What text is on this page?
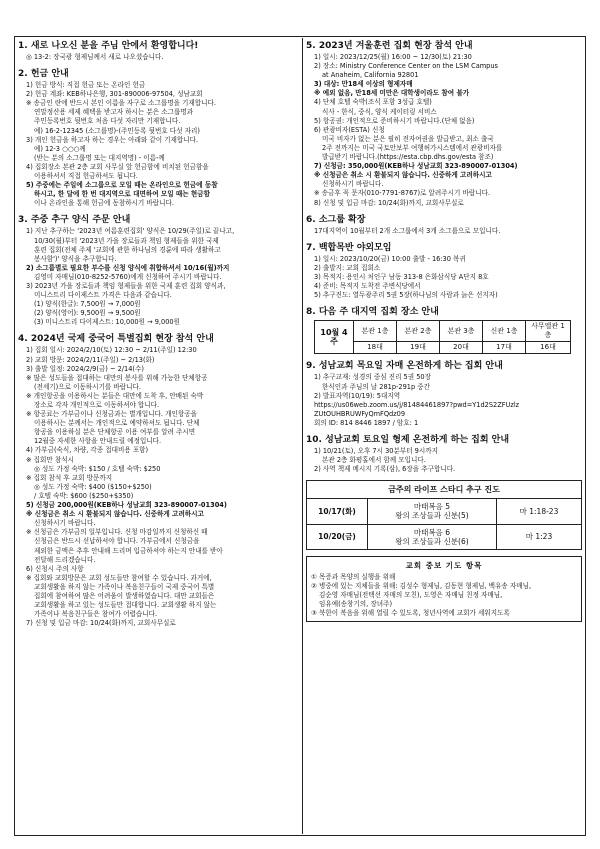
1. 새로 나오신 분을 주님 안에서 환영합니다!
◎ 13-2: 장국광 형제님께서 새로 나오셨습니다.
2. 헌금 안내
1) 헌금 방식: 직접 헌금 또는 온라인 헌금
2) 헌금 계좌: KEB하나은행, 301-890006-97504, 성남교회
※ 송금인 란에 반드시 본인 이름을 자구로 소그룹명을 기재합니다.
연말정산용 세제 혜택을 받고자 하시는 분은 소그룹명과
주민등록번호 뒷번호 처음 다섯 자리만 기재합니다.
예) 16-2-12345 (소그룹명)-(주민등록 뒷번호 다섯 자리)
3) 개인 헌금을 하고자 하는 경우는 아래와 같이 기재합니다.
예) 12-3 ○○○께
(받는 분의 소그룹명 또는 대지역명) - 이름-께
4) 집회장소 본관 2층 교회 사무실 앞 헌금함에 비치된 헌금함을
이용하셔서 직접 헌금하셔도 됩니다.
5) 주중에는 주일에 소그룹으로 모일 때는 온라인으로 헌금에 동참
하시고, 한 달에 한 번 대지역으로 대면하여 모일 때는 현금함
이나 온라인을 통해 헌금에 동참하시기 바랍니다.
3. 주중 추구 양식 주문 안내
1) 지난 추구하는 '2023년 여름훈련집회' 양식은 10/29(주일)로 끝나고,
10/30(월)부터 '2023년 가을 장로들과 책임 형제들을 위한 국제
훈련 집회(전체 주제 '교회에 관한 하나님의 경륜에 따라 생활하고
봉사함')' 양식을 추구합니다.
2) 소그룹별로 필요한 부수를 신청 양식에 취합하셔서 10/16(월)까지
김영미 자매님(010-8252-5760)에게 신청하여 주시기 바랍니다.
3) 2023년 가을 장로들과 책임 형제들을 위한 국제 훈련 집회 양식과,
미니스트리 다이제스트 가격은 다음과 같습니다.
(1) 양식(한글): 7,500원 → 7,000원
(2) 양식(영어): 9,500원 → 9,500원
(3) 미니스트리 다이제스트: 10,000원 → 9,000원
4. 2024년 국제 중국어 특별집회 현장 참석 안내
1) 집회 일시: 2024/2/10(토) 12:30 ~ 2/11(주일) 12:30
2) 교회 방문: 2024/2/11(주일) ~ 2/13(화)
3) 출발 일정: 2024/2/9(금) ~ 2/14(수)
※ 많은 성도들을 접대하는 대만의 봉사를 위해 가능한 단체항공
(전세기)으로 이동하시기를 바랍니다.
※ 개인항공을 이용하시는 분들은 대만에 도착 후, 안배된 숙박
장소로 각자 개인적으로 이동하셔야 합니다.
※ 항공료는 가부금이나 신청금과는 별개입니다. 개인항공을
이용하시는 분께서는 개인적으로 예약하셔도 됩니다. 단체
항공을 이용하실 분은 단체항공 이용 여부를 알려 주시면
12월중 자세한 사항을 안내드릴 예정입니다.
4) 가부금(숙식, 차량, 각종 접대비용 포함)
※ 집회만 참석시
◎ 성도 가정 숙박: $150 / 호텔 숙박: $250
※ 집회 참석 후 교회 방문까지
◎ 성도 가정 숙박: $400 ($150+$250)
/ 호텔 숙박: $600 ($250+$350)
5) 신청금 200,000원(KEB하나 성남교회 323-890007-01304)
※ 신청금은 취소 시 환불되지 않습니다. 신중하게 고려하시고
신청하시기 바랍니다.
※ 신청금은 가부금의 일부입니다. 신청 마감일까지 신청하신 때
신청금은 반드시 선납하셔야 합니다. 가부금에서 신청금을
제외한 금액은 추후 안내해 드리며 입금하셔야 하는지 안내를 받아
전달해 드리겠습니다.
6) 신청시 주의 사항
※ 집회와 교회방문은 교회 성도들만 참여할 수 있습니다. 과거에,
교회생활을 하지 않는 가족이나 복음친구들이 국제 중국어 특별
집회에 참여하여 많은 어려움이 발생하였습니다. 대만 교회들은
교회생활을 하고 있는 성도들만 접대합니다. 교회생활 하지 않는
가족이나 복음친구들은 참여가 어렵습니다.
7) 신청 및 입금 마감: 10/24(화)까지, 교회사무실로
5. 2023년 겨울훈련 집회 현장 참석 안내
1) 일시: 2023/12/25(월) 16:00 ~ 12/30(토) 21:30
2) 장소: Ministry Conference Center on the LSM Campus
at Anaheim, California 92801
3) 대상: 만18세 이상의 형제자매
※ 예외 없음, 만18세 미만은 대학생이라도 참여 불가
4) 단체 호텔 숙박(조식 포함 3성급 호텔)
식사 - 한식, 중식, 양식 케이터링 서비스
5) 항공권: 개인적으로 준비하시기 바랍니다.(단체 없음)
6) 관광비자(ESTA) 신청
미국 비자가 없는 분은 필히 전자여권을 발급받고, 최소 출국
2주 전까지는 미국 국토안보부 여행허가시스템에서 관광비자를
발급받기 바랍니다.(https://esta.cbp.dhs.gov/esta 참조)
7) 신청금: 350,000원(KEB하나 성남교회 323-890007-01304)
※ 신청금은 취소 시 환불되지 않습니다. 신중하게 고려하시고
신청하시기 바랍니다.
※ 송금후 꼭 문자(010-7791-8767)로 알려주시기 바랍니다.
8) 신청 및 입금 마감: 10/24(화)까지, 교회사무실로
6. 소그룹 확장
17대지역이 10월부터 2개 소그룹에서 3개 소그룹으로 모입니다.
7. 백합목반 야외모임
1) 일시: 2023/10/20(금) 10:00 출발 - 16:30 복귀
2) 출발지: 교회 집회소
3) 목적지: 용인시 처인구 남동 313-8 은화삼식당 A단지 8호
4) 준비: 목적지 도착전 주변식당에서
5) 추구진도: 열두광주리 5권 5장(하나님의 사람과 늙은 선지자)
8. 다음 주 대지역 집회 장소 안내
10월 4주	본관 1층	본관 2층	본관 3층	신관 1층	사무엘관 1층
	18대	19대	20대	17대	16대
9. 성남교회 목요일 자매 온전하게 하는 집회 안내
1) 추구교재: 성경의 중심 진리 5권 50장
한식인과 주님의 날 281p-291p 중간
2) 발표자역(10/19): 5대지역
https://us06web.zoom.us/j/81484461897?pwd=Y1d2S2ZFUzlz
ZUtOUHBRUWFyQmFQdz09
회의 ID: 814 8446 1897 / 암호: 1
10. 성남교회 토요일 형제 온전하게 하는 집회 안내
1) 10/21(토), 오후 7시 30분부터 9시까지
본관 2층 화평홀에서 함께 모입니다.
2) 사역 책제 메시지 기록(삼), 6장을 추구합니다.
금주의 라이프 스타디 추구 진도
10/17(화)	마태복음 5
왕의 조상들과 신분(5)	마 1:18-23
10/20(금)	마태복음 6
왕의 조상들과 신분(6)	마 1:23
교회 중보 기도 항목
① 목증과 목양의 실행을 위해
② 병중에 있는 지체들을 위해: 김성수 형제님, 김동현 형제님, 백유송 자매님,
김순영 자매님(전택선 자매의 모친), 도영은 자매님 친정 자매님,
임유예(송창기의, 장녀주)
③ 북한이 복음을 위해 열릴 수 있도록, 청년사역에 교회가 세워지도록
